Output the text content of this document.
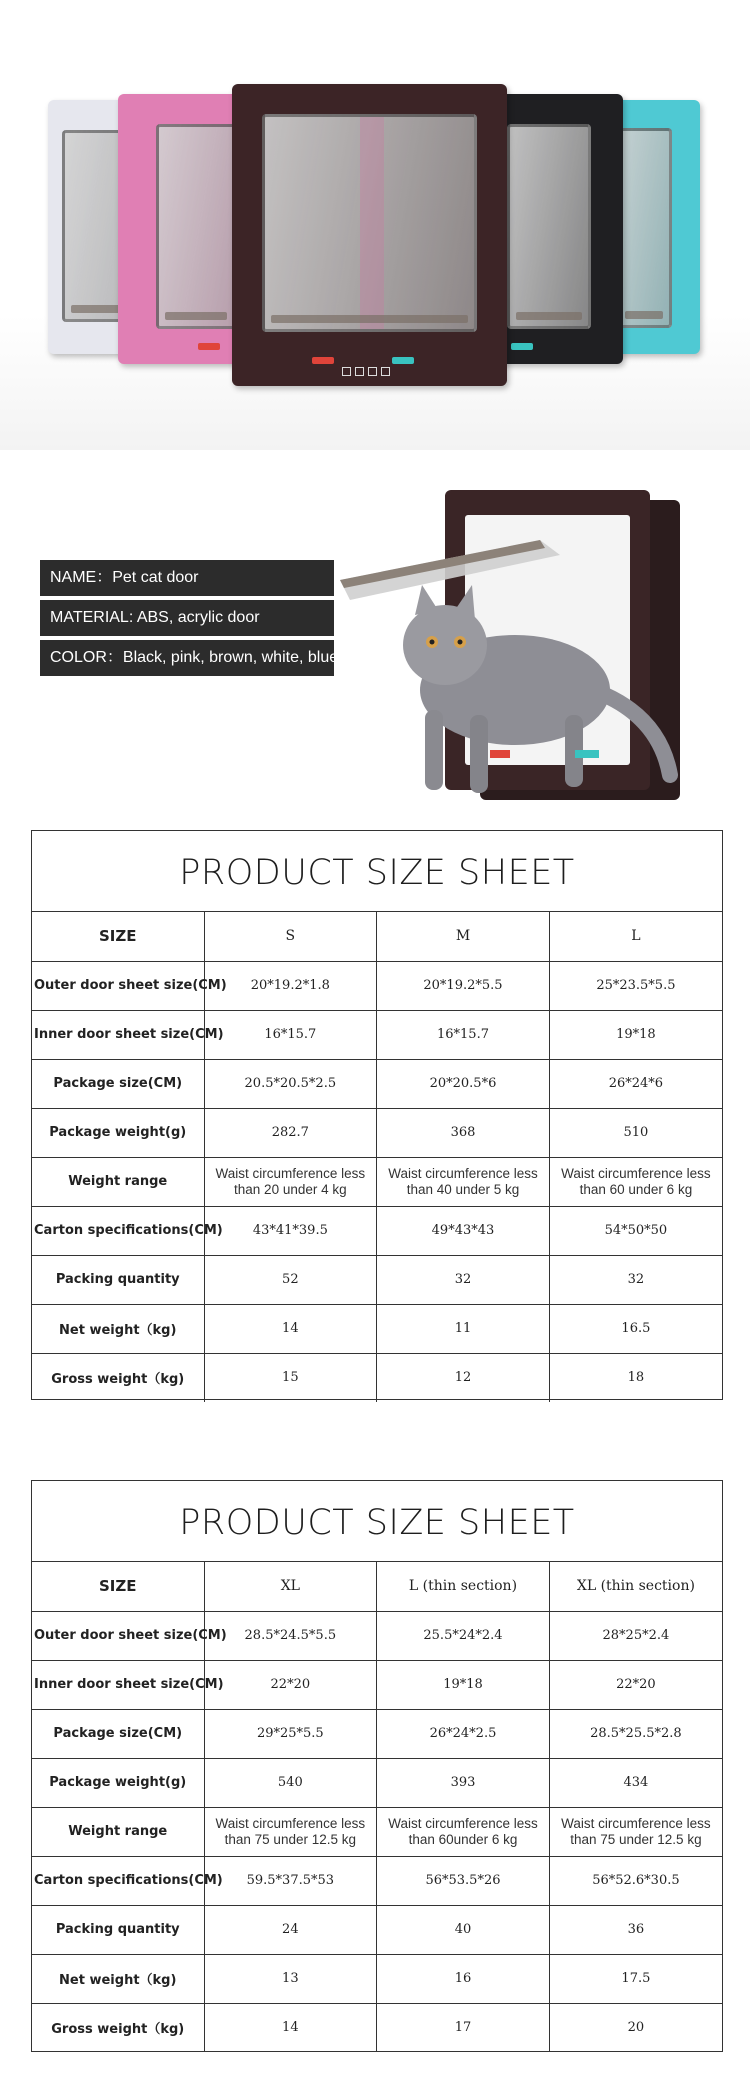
NAME：Pet cat door
MATERIAL: ABS, acrylic door
COLOR：Black, pink, brown, white, blue
PRODUCT SIZE SHEET
SIZE	S	M	L
Outer door sheet size(CM)	20*19.2*1.8	20*19.2*5.5	25*23.5*5.5
Inner door sheet size(CM)	16*15.7	16*15.7	19*18
Package size(CM)	20.5*20.5*2.5	20*20.5*6	26*24*6
Package weight(g)	282.7	368	510
Weight range	Waist circumference less than 20 under 4 kg	Waist circumference less than 40 under 5 kg	Waist circumference less than 60 under 6 kg
Carton specifications(CM)	43*41*39.5	49*43*43	54*50*50
Packing quantity	52	32	32
Net weight（kg)	14	11	16.5
Gross weight（kg)	15	12	18
PRODUCT SIZE SHEET
SIZE	XL	L (thin section)	XL (thin section)
Outer door sheet size(CM)	28.5*24.5*5.5	25.5*24*2.4	28*25*2.4
Inner door sheet size(CM)	22*20	19*18	22*20
Package size(CM)	29*25*5.5	26*24*2.5	28.5*25.5*2.8
Package weight(g)	540	393	434
Weight range	Waist circumference less than 75 under 12.5 kg	Waist circumference less than 60under 6 kg	Waist circumference less than 75 under 12.5 kg
Carton specifications(CM)	59.5*37.5*53	56*53.5*26	56*52.6*30.5
Packing quantity	24	40	36
Net weight（kg)	13	16	17.5
Gross weight（kg)	14	17	20
